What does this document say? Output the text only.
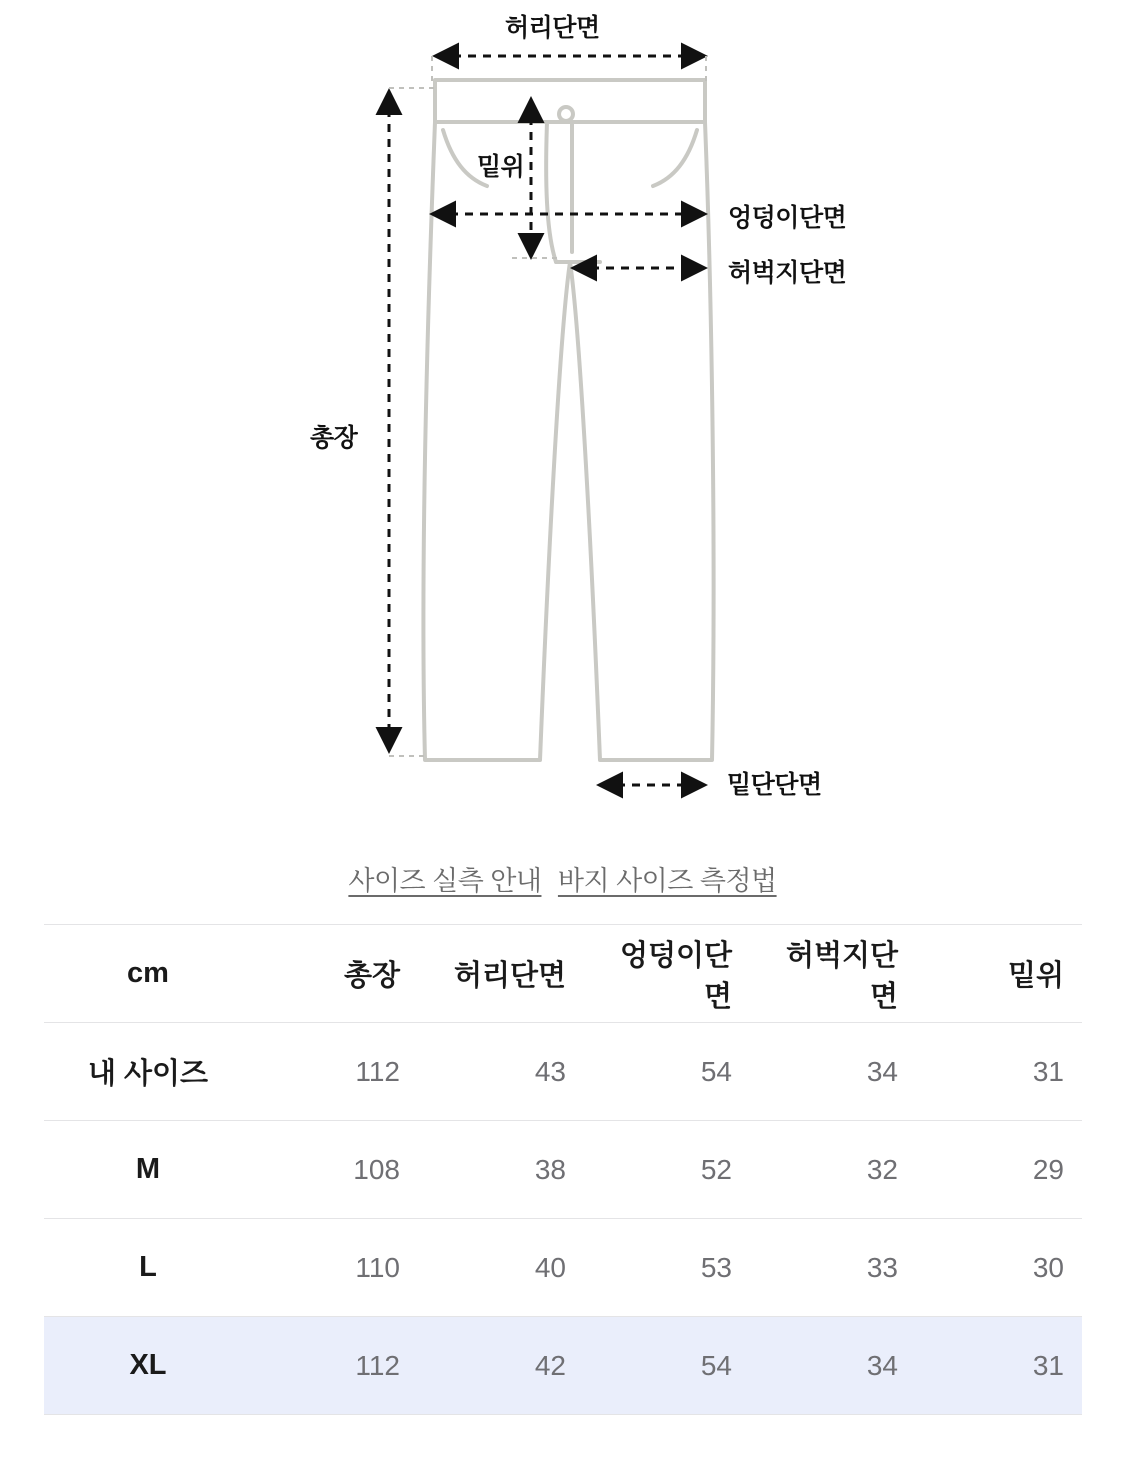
허리단면
밑위
엉덩이단면
허벅지단면
총장
밑단단면
사이즈 실측 안내 바지 사이즈 측정법
cm	총장	허리단면	엉덩이단면	허벅지단면	밑위
내 사이즈	112	43	54	34	31
M	108	38	52	32	29
L	110	40	53	33	30
XL	112	42	54	34	31
